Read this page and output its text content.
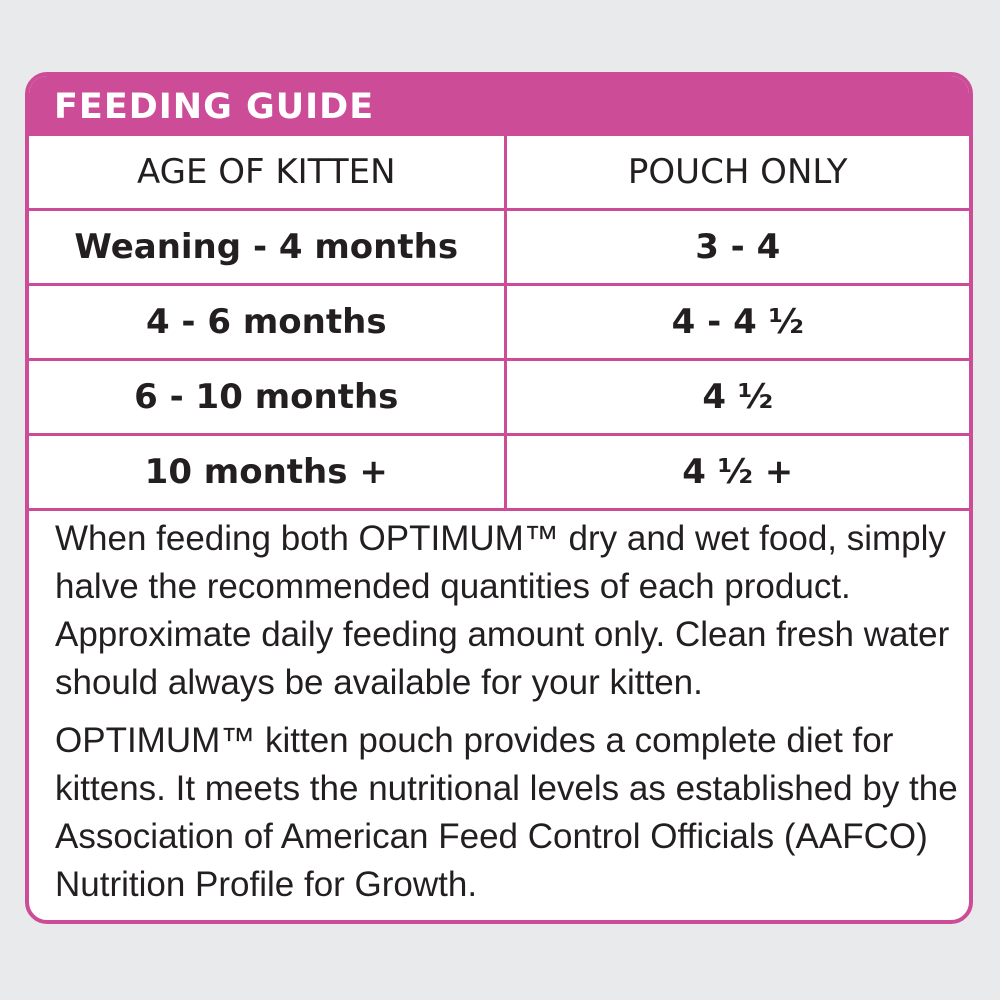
FEEDING GUIDE
AGE OF KITTEN	POUCH ONLY
Weaning - 4 months	3 - 4
4 - 6 months	4 - 4 ½
6 - 10 months	4 ½
10 months +	4 ½ +

When feeding both OPTIMUM™ dry and wet food, simply halve the recommended quantities of each product. Approximate daily feeding amount only. Clean fresh water should always be available for your kitten.

OPTIMUM™ kitten pouch provides a complete diet for kittens. It meets the nutritional levels as established by the Association of American Feed Control Officials (AAFCO) Nutrition Profile for Growth.
